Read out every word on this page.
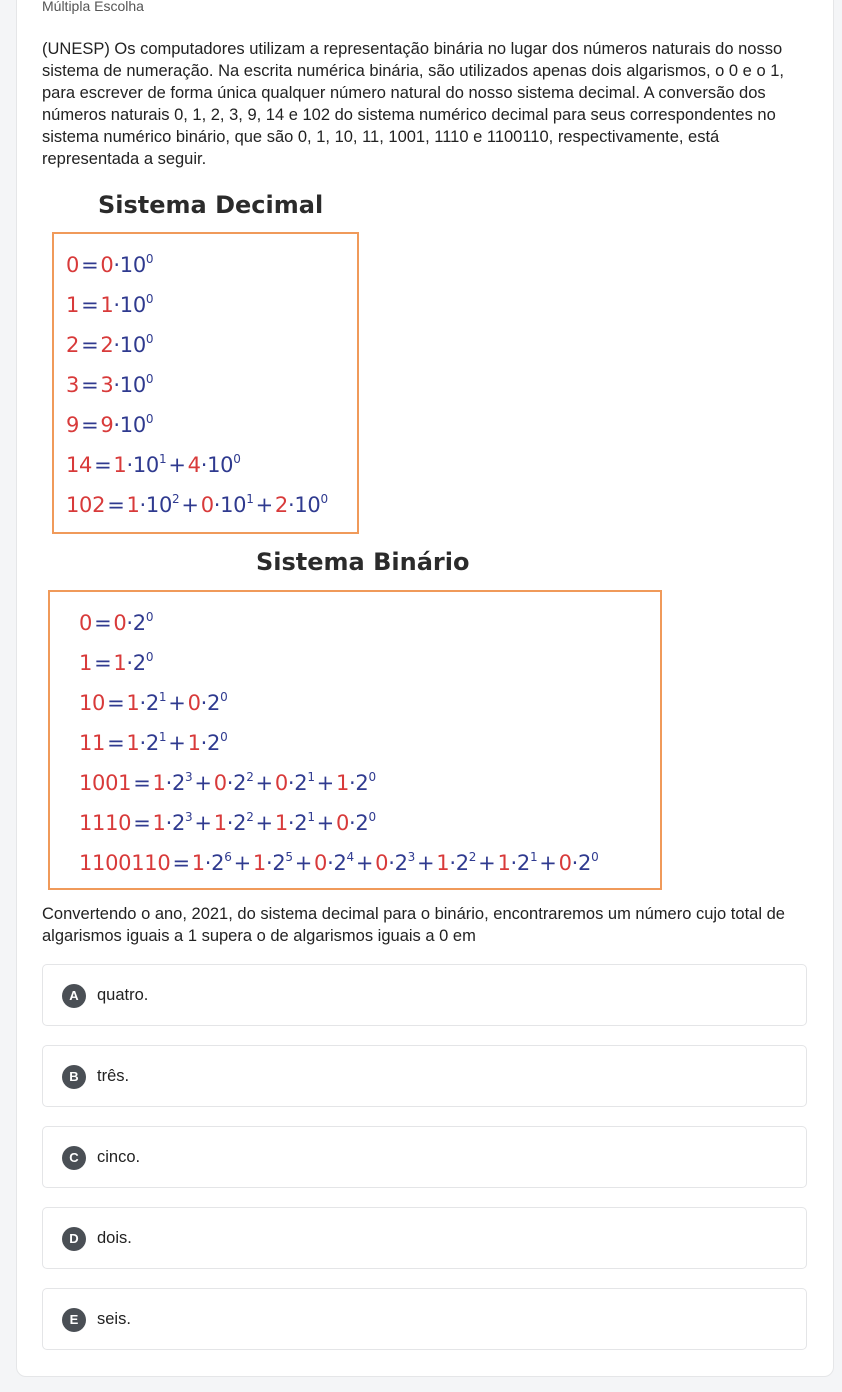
Múltipla Escolha
(UNESP) Os computadores utilizam a representação binária no lugar dos números naturais do nosso sistema de numeração. Na escrita numérica binária, são utilizados apenas dois algarismos, o 0 e o 1, para escrever de forma única qualquer número natural do nosso sistema decimal. A conversão dos números naturais 0, 1, 2, 3, 9, 14 e 102 do sistema numérico decimal para seus correspondentes no sistema numérico binário, que são 0, 1, 10, 11, 1001, 1110 e 1100110, respectivamente, está representada a seguir.
Sistema Decimal
$0=0\cdot 10^0$
$1=1\cdot 10^0$
$2=2\cdot 10^0$
$3=3\cdot 10^0$
$9=9\cdot 10^0$
$14=1\cdot 10^1+4\cdot 10^0$
$102=1\cdot 10^2+0\cdot 10^1+2\cdot 10^0$
Sistema Binário
$0=0\cdot 2^0$
$1=1\cdot 2^0$
$10=1\cdot 2^1+0\cdot 2^0$
$11=1\cdot 2^1+1\cdot 2^0$
$1001=1\cdot 2^3+0\cdot 2^2+0\cdot 2^1+1\cdot 2^0$
$1110=1\cdot 2^3+1\cdot 2^2+1\cdot 2^1+0\cdot 2^0$
$1100110=1\cdot 2^6+1\cdot 2^5+0\cdot 2^4+0\cdot 2^3+1\cdot 2^2+1\cdot 2^1+0\cdot 2^0$
Convertendo o ano, 2021, do sistema decimal para o binário, encontraremos um número cujo total de algarismos iguais a 1 supera o de algarismos iguais a 0 em
A	quatro.
B	três.
C	cinco.
D	dois.
E	seis.
